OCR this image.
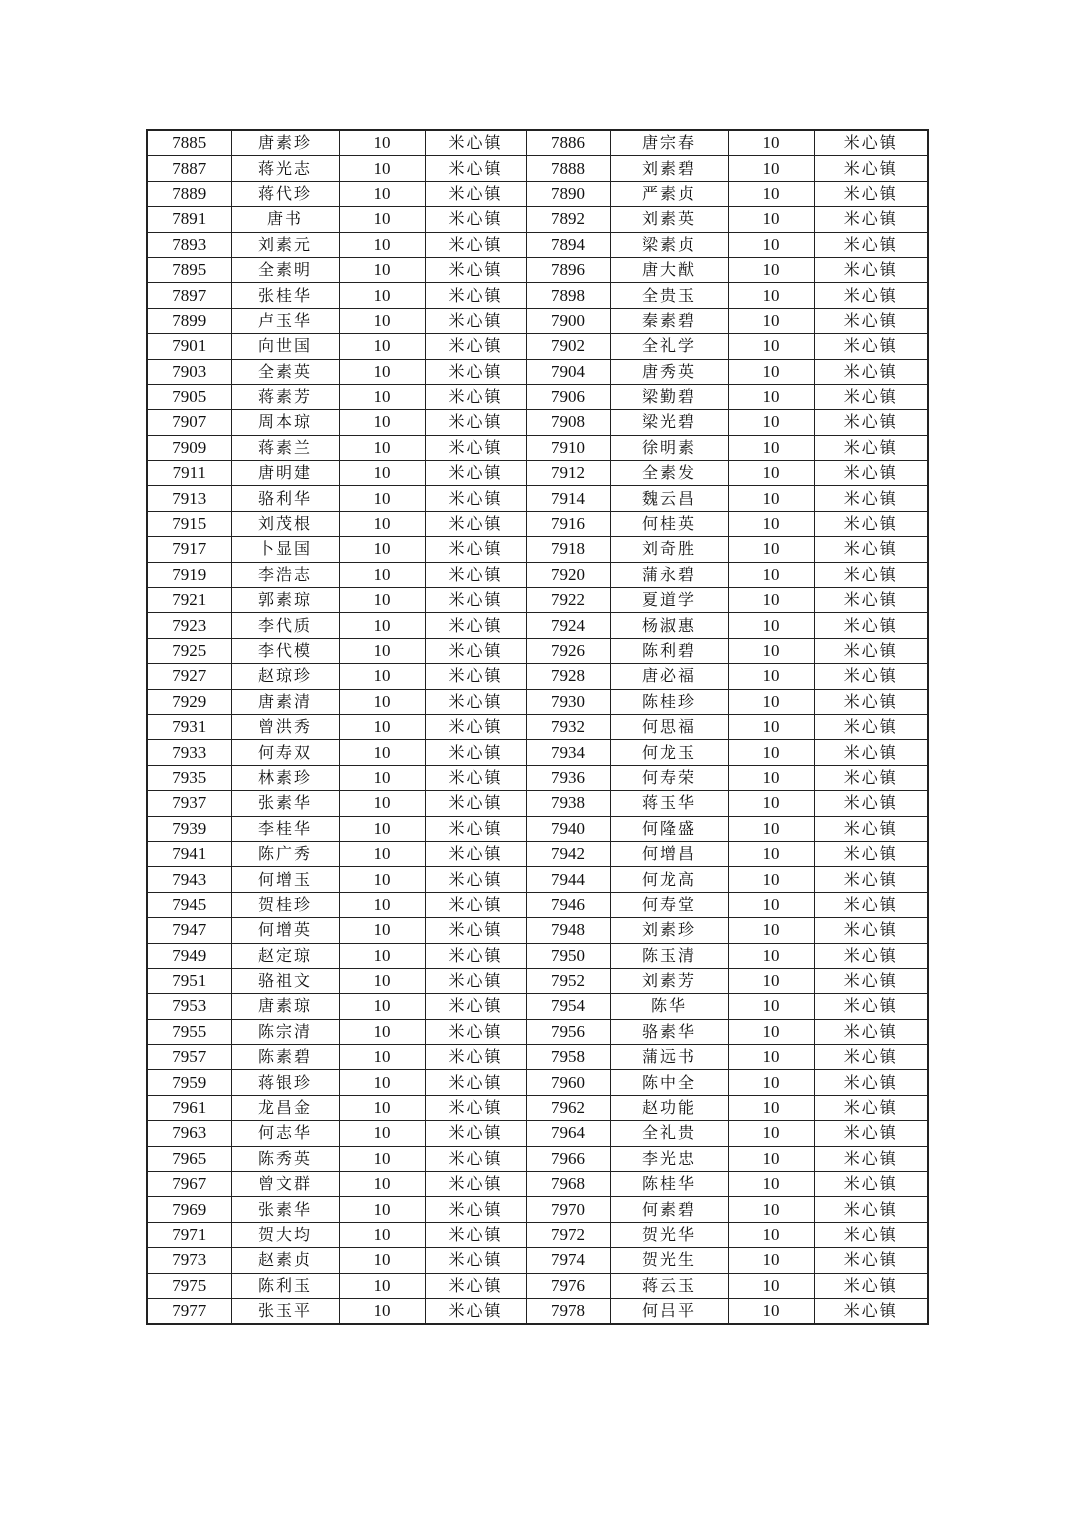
7885	唐素珍	10	米心镇	7886	唐宗春	10	米心镇
7887	蒋光志	10	米心镇	7888	刘素碧	10	米心镇
7889	蒋代珍	10	米心镇	7890	严素贞	10	米心镇
7891	唐书	10	米心镇	7892	刘素英	10	米心镇
7893	刘素元	10	米心镇	7894	梁素贞	10	米心镇
7895	全素明	10	米心镇	7896	唐大猷	10	米心镇
7897	张桂华	10	米心镇	7898	全贵玉	10	米心镇
7899	卢玉华	10	米心镇	7900	秦素碧	10	米心镇
7901	向世国	10	米心镇	7902	全礼学	10	米心镇
7903	全素英	10	米心镇	7904	唐秀英	10	米心镇
7905	蒋素芳	10	米心镇	7906	梁勤碧	10	米心镇
7907	周本琼	10	米心镇	7908	梁光碧	10	米心镇
7909	蒋素兰	10	米心镇	7910	徐明素	10	米心镇
7911	唐明建	10	米心镇	7912	全素发	10	米心镇
7913	骆利华	10	米心镇	7914	魏云昌	10	米心镇
7915	刘茂根	10	米心镇	7916	何桂英	10	米心镇
7917	卜显国	10	米心镇	7918	刘奇胜	10	米心镇
7919	李浩志	10	米心镇	7920	蒲永碧	10	米心镇
7921	郭素琼	10	米心镇	7922	夏道学	10	米心镇
7923	李代质	10	米心镇	7924	杨淑惠	10	米心镇
7925	李代模	10	米心镇	7926	陈利碧	10	米心镇
7927	赵琼珍	10	米心镇	7928	唐必福	10	米心镇
7929	唐素清	10	米心镇	7930	陈桂珍	10	米心镇
7931	曾洪秀	10	米心镇	7932	何思福	10	米心镇
7933	何寿双	10	米心镇	7934	何龙玉	10	米心镇
7935	林素珍	10	米心镇	7936	何寿荣	10	米心镇
7937	张素华	10	米心镇	7938	蒋玉华	10	米心镇
7939	李桂华	10	米心镇	7940	何隆盛	10	米心镇
7941	陈广秀	10	米心镇	7942	何增昌	10	米心镇
7943	何增玉	10	米心镇	7944	何龙高	10	米心镇
7945	贺桂珍	10	米心镇	7946	何寿堂	10	米心镇
7947	何增英	10	米心镇	7948	刘素珍	10	米心镇
7949	赵定琼	10	米心镇	7950	陈玉清	10	米心镇
7951	骆祖文	10	米心镇	7952	刘素芳	10	米心镇
7953	唐素琼	10	米心镇	7954	陈华	10	米心镇
7955	陈宗清	10	米心镇	7956	骆素华	10	米心镇
7957	陈素碧	10	米心镇	7958	蒲远书	10	米心镇
7959	蒋银珍	10	米心镇	7960	陈中全	10	米心镇
7961	龙昌金	10	米心镇	7962	赵功能	10	米心镇
7963	何志华	10	米心镇	7964	全礼贵	10	米心镇
7965	陈秀英	10	米心镇	7966	李光忠	10	米心镇
7967	曾文群	10	米心镇	7968	陈桂华	10	米心镇
7969	张素华	10	米心镇	7970	何素碧	10	米心镇
7971	贺大均	10	米心镇	7972	贺光华	10	米心镇
7973	赵素贞	10	米心镇	7974	贺光生	10	米心镇
7975	陈利玉	10	米心镇	7976	蒋云玉	10	米心镇
7977	张玉平	10	米心镇	7978	何吕平	10	米心镇
